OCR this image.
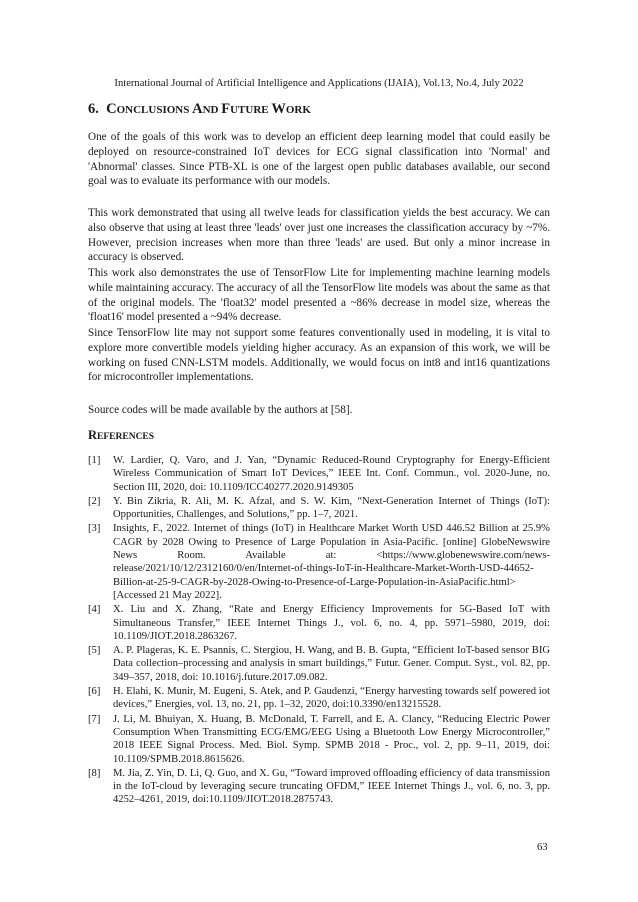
International Journal of Artificial Intelligence and Applications (IJAIA), Vol.13, No.4, July 2022
6. CONCLUSIONS AND FUTURE WORK

One of the goals of this work was to develop an efficient deep learning model that could easily be deployed on resource-constrained IoT devices for ECG signal classification into 'Normal' and 'Abnormal' classes. Since PTB-XL is one of the largest open public databases available, our second goal was to evaluate its performance with our models.

This work demonstrated that using all twelve leads for classification yields the best accuracy. We can also observe that using at least three 'leads' over just one increases the classification accuracy by ~7%. However, precision increases when more than three 'leads' are used. But only a minor increase in accuracy is observed.

This work also demonstrates the use of TensorFlow Lite for implementing machine learning models while maintaining accuracy. The accuracy of all the TensorFlow lite models was about the same as that of the original models. The 'float32' model presented a ~86% decrease in model size, whereas the 'float16' model presented a ~94% decrease.

Since TensorFlow lite may not support some features conventionally used in modeling, it is vital to explore more convertible models yielding higher accuracy. As an expansion of this work, we will be working on fused CNN-LSTM models. Additionally, we would focus on int8 and int16 quantizations for microcontroller implementations.

Source codes will be made available by the authors at [58].

REFERENCES
[1]	W. Lardier, Q. Varo, and J. Yan, “Dynamic Reduced-Round Cryptography for Energy-Efficient Wireless Communication of Smart IoT Devices,” IEEE Int. Conf. Commun., vol. 2020-June, no. Section III, 2020, doi: 10.1109/ICC40277.2020.9149305
[2]	Y. Bin Zikria, R. Ali, M. K. Afzal, and S. W. Kim, “Next-Generation Internet of Things (IoT): Opportunities, Challenges, and Solutions,” pp. 1–7, 2021.
[3]	Insights, F., 2022. Internet of things (IoT) in Healthcare Market Worth USD 446.52 Billion at 25.9% CAGR by 2028 Owing to Presence of Large Population in Asia-Pacific. [online] GlobeNewswire News Room. Available at: <https://www.globenewswire.com/news-release/2021/10/12/2312160/0/en/Internet-of-things-IoT-in-Healthcare-Market-Worth-USD-44652-Billion-at-25-9-CAGR-by-2028-Owing-to-Presence-of-Large-Population-in-AsiaPacific.html> [Accessed 21 May 2022].
[4]	X. Liu and X. Zhang, “Rate and Energy Efficiency Improvements for 5G-Based IoT with Simultaneous Transfer,” IEEE Internet Things J., vol. 6, no. 4, pp. 5971–5980, 2019, doi: 10.1109/JIOT.2018.2863267.
[5]	A. P. Plageras, K. E. Psannis, C. Stergiou, H. Wang, and B. B. Gupta, “Efficient IoT-based sensor BIG Data collection–processing and analysis in smart buildings,” Futur. Gener. Comput. Syst., vol. 82, pp. 349–357, 2018, doi: 10.1016/j.future.2017.09.082.
[6]	H. Elahi, K. Munir, M. Eugeni, S. Atek, and P. Gaudenzi, “Energy harvesting towards self powered iot devices,” Energies, vol. 13, no. 21, pp. 1–32, 2020, doi:10.3390/en13215528.
[7]	J. Li, M. Bhuiyan, X. Huang, B. McDonald, T. Farrell, and E. A. Clancy, “Reducing Electric Power Consumption When Transmitting ECG/EMG/EEG Using a Bluetooth Low Energy Microcontroller,” 2018 IEEE Signal Process. Med. Biol. Symp. SPMB 2018 - Proc., vol. 2, pp. 9–11, 2019, doi: 10.1109/SPMB.2018.8615626.
[8]	M. Jia, Z. Yin, D. Li, Q. Guo, and X. Gu, “Toward improved offloading efficiency of data transmission in the IoT-cloud by leveraging secure truncating OFDM,” IEEE Internet Things J., vol. 6, no. 3, pp. 4252–4261, 2019, doi:10.1109/JIOT.2018.2875743.
63
